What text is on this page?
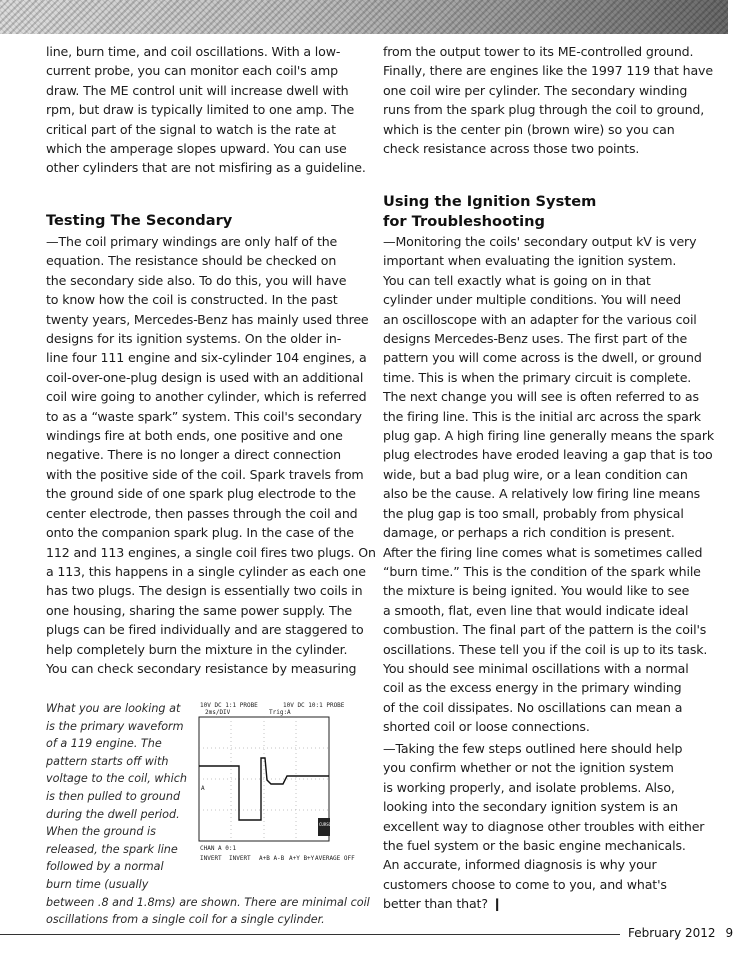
line, burn time, and coil oscillations. With a low-

current probe, you can monitor each coil's amp

draw. The ME control unit will increase dwell with

rpm, but draw is typically limited to one amp. The

critical part of the signal to watch is the rate at

which the amperage slopes upward. You can use

other cylinders that are not misfiring as a guideline.

Testing The Secondary

—The coil primary windings are only half of the

equation. The resistance should be checked on

the secondary side also. To do this, you will have

to know how the coil is constructed. In the past

twenty years, Mercedes-Benz has mainly used three

designs for its ignition systems. On the older in-

line four 111 engine and six-cylinder 104 engines, a

coil-over-one-plug design is used with an additional

coil wire going to another cylinder, which is referred

to as a “waste spark” system. This coil's secondary

windings fire at both ends, one positive and one

negative. There is no longer a direct connection

with the positive side of the coil. Spark travels from

the ground side of one spark plug electrode to the

center electrode, then passes through the coil and

onto the companion spark plug. In the case of the

112 and 113 engines, a single coil fires two plugs. On

a 113, this happens in a single cylinder as each one

has two plugs. The design is essentially two coils in

one housing, sharing the same power supply. The

plugs can be fired individually and are staggered to

help completely burn the mixture in the cylinder.

You can check secondary resistance by measuring

What you are looking at

is the primary waveform

of a 119 engine. The

pattern starts off with

voltage to the coil, which

is then pulled to ground

during the dwell period.

When the ground is

released, the spark line

followed by a normal

burn time (usually

between .8 and 1.8ms) are shown. There are minimal coil

oscillations from a single coil for a single cylinder.

10V DC 1:1 PROBE	10V DC 10:1 PROBE
2ms/DIV	Trig:A
A
CURSORS
CHAN A 0:1
INVERT INVERT A+B A-B A+Y B+Y AVERAGE OFF

from the output tower to its ME-controlled ground.

Finally, there are engines like the 1997 119 that have

one coil wire per cylinder. The secondary winding

runs from the spark plug through the coil to ground,

which is the center pin (brown wire) so you can

check resistance across those two points.

Using the Ignition System
for Troubleshooting

—Monitoring the coils' secondary output kV is very

important when evaluating the ignition system.

You can tell exactly what is going on in that

cylinder under multiple conditions. You will need

an oscilloscope with an adapter for the various coil

designs Mercedes-Benz uses. The first part of the

pattern you will come across is the dwell, or ground

time. This is when the primary circuit is complete.

The next change you will see is often referred to as

the firing line. This is the initial arc across the spark

plug gap. A high firing line generally means the spark

plug electrodes have eroded leaving a gap that is too

wide, but a bad plug wire, or a lean condition can

also be the cause. A relatively low firing line means

the plug gap is too small, probably from physical

damage, or perhaps a rich condition is present.

After the firing line comes what is sometimes called

“burn time.” This is the condition of the spark while

the mixture is being ignited. You would like to see

a smooth, flat, even line that would indicate ideal

combustion. The final part of the pattern is the coil's

oscillations. These tell you if the coil is up to its task.

You should see minimal oscillations with a normal

coil as the excess energy in the primary winding

of the coil dissipates. No oscillations can mean a

shorted coil or loose connections.

—Taking the few steps outlined here should help

you confirm whether or not the ignition system

is working properly, and isolate problems. Also,

looking into the secondary ignition system is an

excellent way to diagnose other troubles with either

the fuel system or the basic engine mechanicals.

An accurate, informed diagnosis is why your

customers choose to come to you, and what's

better than that? ❙

February 2012 9
